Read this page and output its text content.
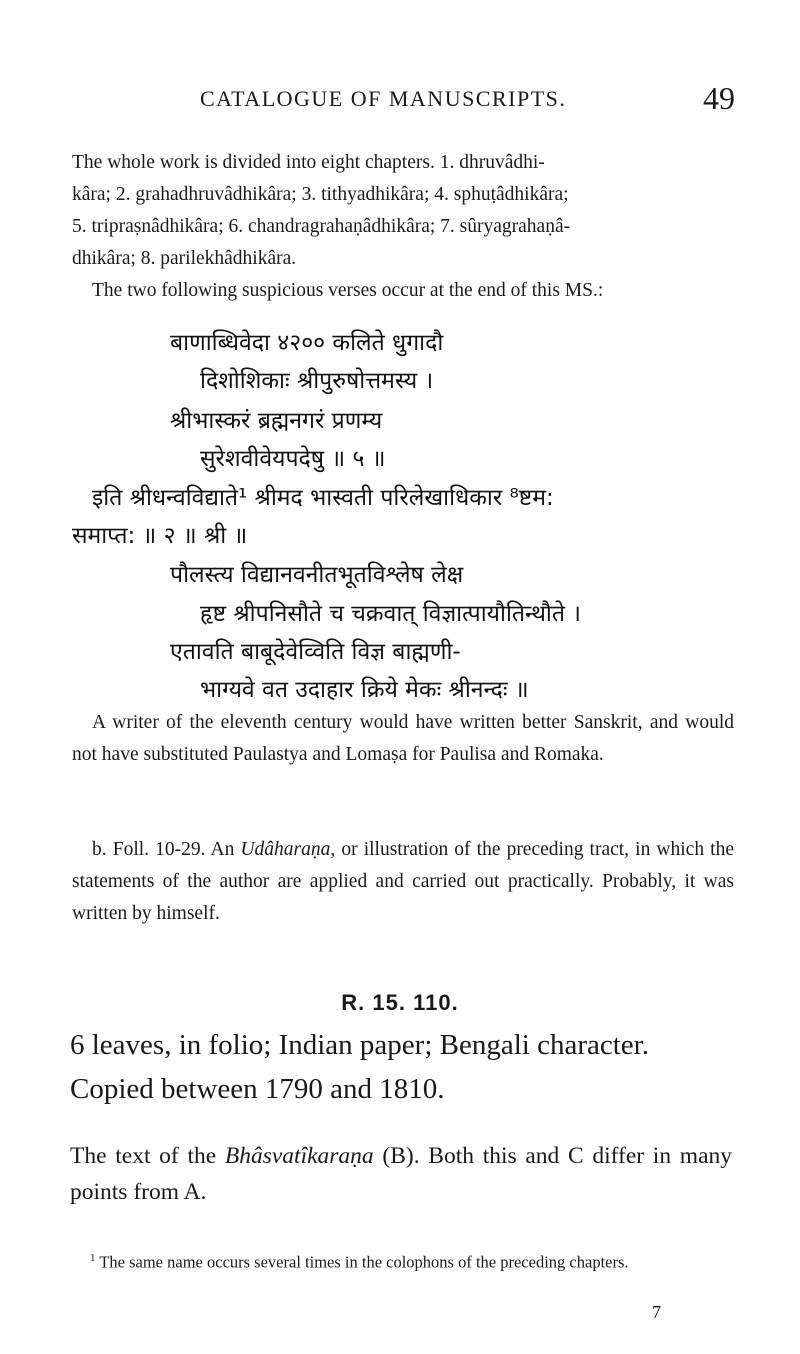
CATALOGUE OF MANUSCRIPTS.	49
The whole work is divided into eight chapters. 1. dhruvâdhi-
kâra; 2. grahadhruvâdhikâra; 3. tithyadhikâra; 4. sphuṭâdhikâra;
5. tripraṣnâdhikâra; 6. chandragrahaṇâdhikâra; 7. sûryagrahaṇâ-
dhikâra; 8. parilekhâdhikâra.
The two following suspicious verses occur at the end of this MS.:
बाणाब्धिवेदा ४२०० कलिते धुगादौ
दिशोशिकाः श्रीपुरुषोत्तमस्य ।
श्रीभास्करं ब्रह्मनगरं प्रणम्य
सुरेशवीवेयपदेषु ॥ ५ ॥
इति श्रीधन्वविद्याते¹ श्रीमद भास्वती परिलेखाधिकार ⁸ष्टम:
समाप्त: ॥ २ ॥ श्री ॥
पौलस्त्य विद्यानवनीतभूतविश्लेष लेक्ष
हृष्ट श्रीपनिसौते च चक्रवात् विज्ञात्पायौतिन्थौते ।
एतावति बाबूदेवेव्विति विज्ञ बाह्मणी-
भाग्यवे वत उदाहार क्रिये मेकः श्रीनन्दः ॥
A writer of the eleventh century would have written better Sanskrit, and would not have substituted Paulastya and Lomaṣa for Paulisa and Romaka.
b. Foll. 10-29. An Udâharaṇa, or illustration of the preceding tract, in which the statements of the author are applied and carried out practically. Probably, it was written by himself.
R. 15. 110.
6 leaves, in folio; Indian paper; Bengali character.
Copied between 1790 and 1810.
The text of the Bhâsvatîkaraṇa (B). Both this and C differ in many points from A.
$^1$ The same name occurs several times in the colophons of the preceding chapters.
7
